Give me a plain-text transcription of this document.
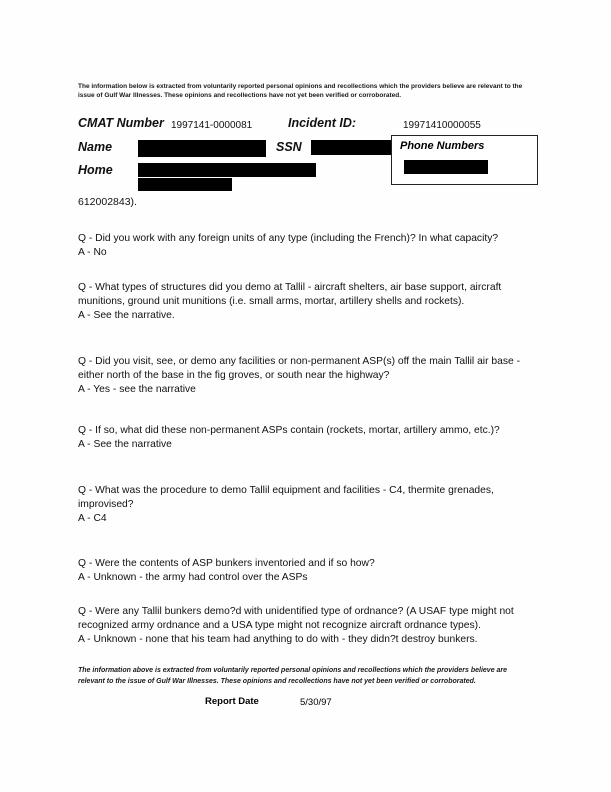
The information below is extracted from voluntarily reported personal opinions and recollections which the providers believe are relevant to the issue of Gulf War Illnesses. These opinions and recollections have not yet been verified or corroborated.
CMAT Number 1997141-0000081	Incident ID:	19971410000055
Name	SSN
Home
Phone Numbers
612002843).

Q - Did you work with any foreign units of any type (including the French)? In what capacity?

A - No

Q - What types of structures did you demo at Tallil - aircraft shelters, air base support, aircraft munitions, ground unit munitions (i.e. small arms, mortar, artillery shells and rockets).

A - See the narrative.

Q - Did you visit, see, or demo any facilities or non-permanent ASP(s) off the main Tallil air base - either north of the base in the fig groves, or south near the highway?

A - Yes - see the narrative

Q - If so, what did these non-permanent ASPs contain (rockets, mortar, artillery ammo, etc.)?

A - See the narrative

Q - What was the procedure to demo Tallil equipment and facilities - C4, thermite grenades, improvised?

A - C4

Q - Were the contents of ASP bunkers inventoried and if so how?

A - Unknown - the army had control over the ASPs

Q - Were any Tallil bunkers demo?d with unidentified type of ordnance? (A USAF type might not recognized army ordnance and a USA type might not recognize aircraft ordnance types).

A - Unknown - none that his team had anything to do with - they didn?t destroy bunkers.

The information above is extracted from voluntarily reported personal opinions and recollections which the providers believe are relevant to the issue of Gulf War Illnesses. These opinions and recollections have not yet been verified or corroborated.
Report Date	5/30/97
